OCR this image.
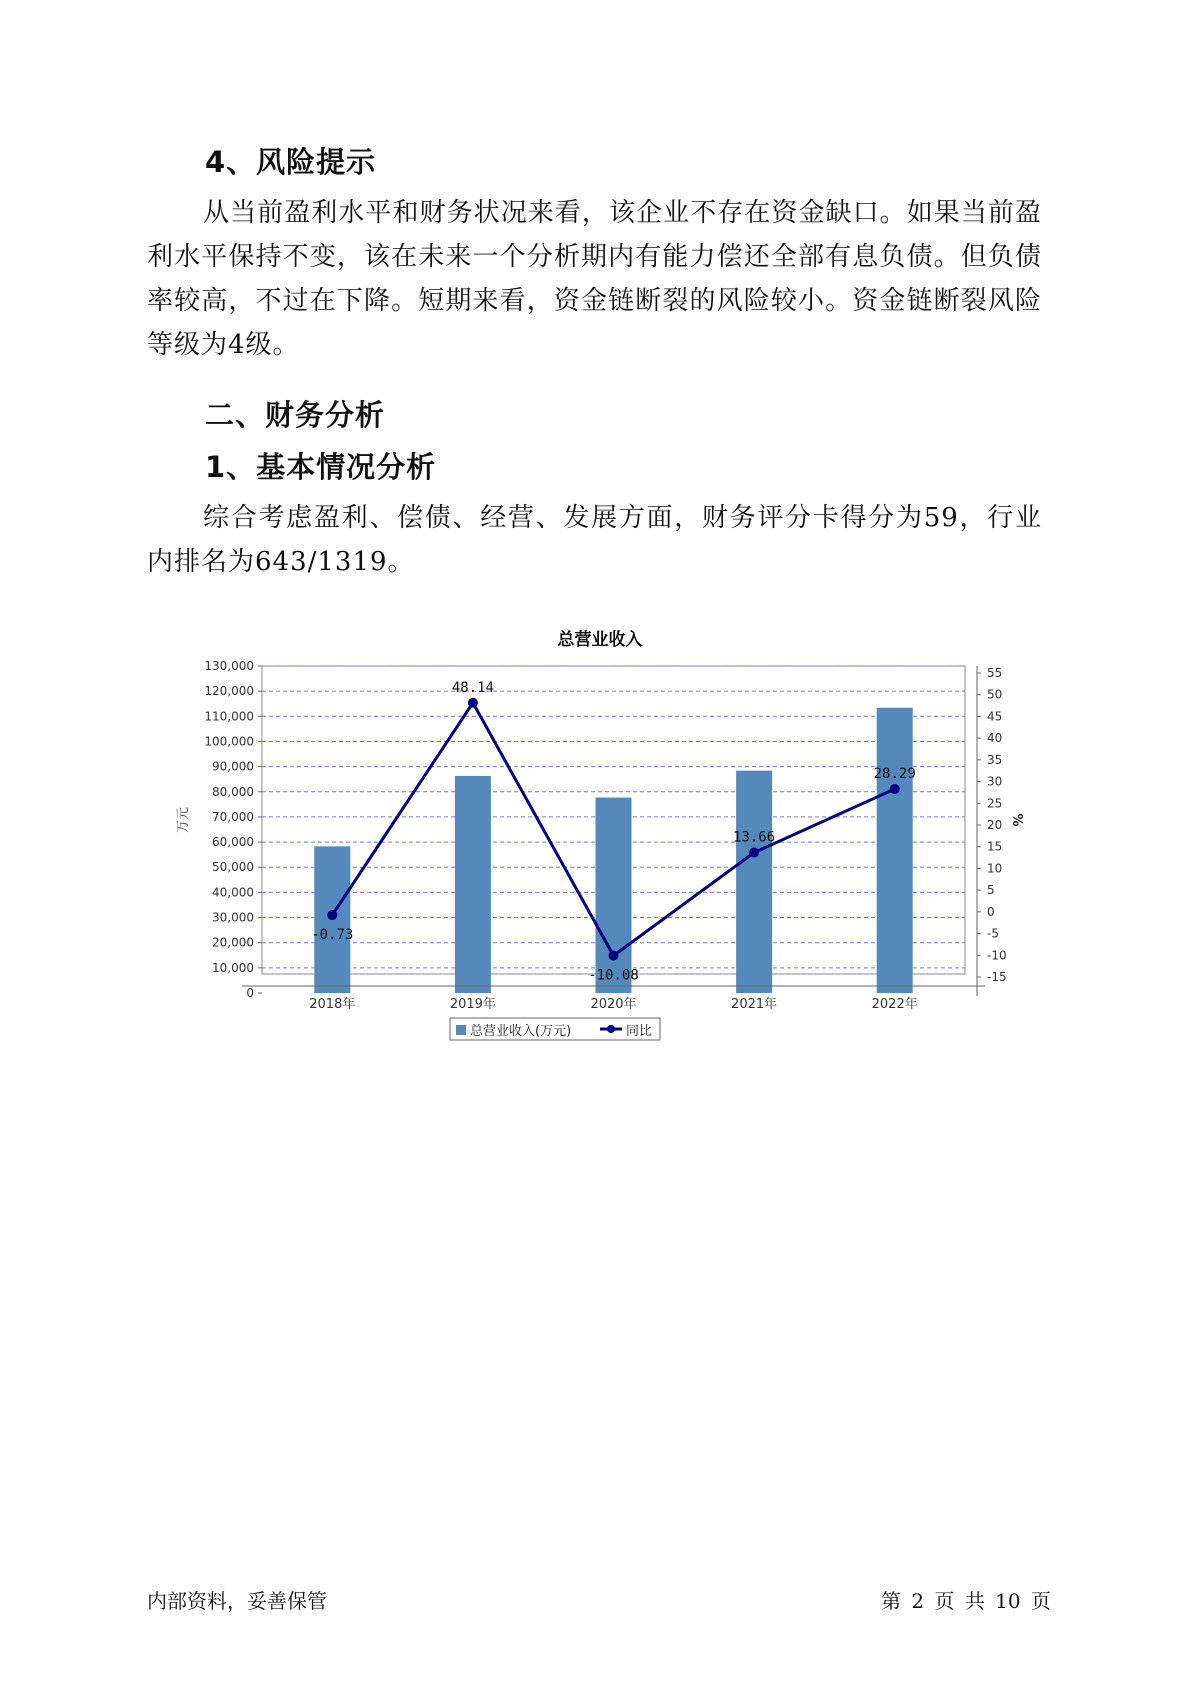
4、风险提示

从当前盈利水平和财务状况来看，该企业不存在资金缺口。如果当前盈利水平保持不变，该在未来一个分析期内有能力偿还全部有息负债。但负债率较高，不过在下降。短期来看，资金链断裂的风险较小。资金链断裂风险等级为4级。

二、财务分析
1、基本情况分析

综合考虑盈利、偿债、经营、发展方面，财务评分卡得分为59，行业内排名为643/1319。

总营业收入
-0.73
48.14
-10.08
13.66
28.29
0
10,000
20,000
30,000
40,000
50,000
60,000
70,000
80,000
90,000
100,000
110,000
120,000
130,000
-15
-10
-5
0
5
10
15
20
25
30
35
40
45
50
55
2018年	2019年	2020年	2021年	2022年
万元	%
总营业收入(万元)	同比
内部资料，妥善保管	第 2 页 共 10 页
